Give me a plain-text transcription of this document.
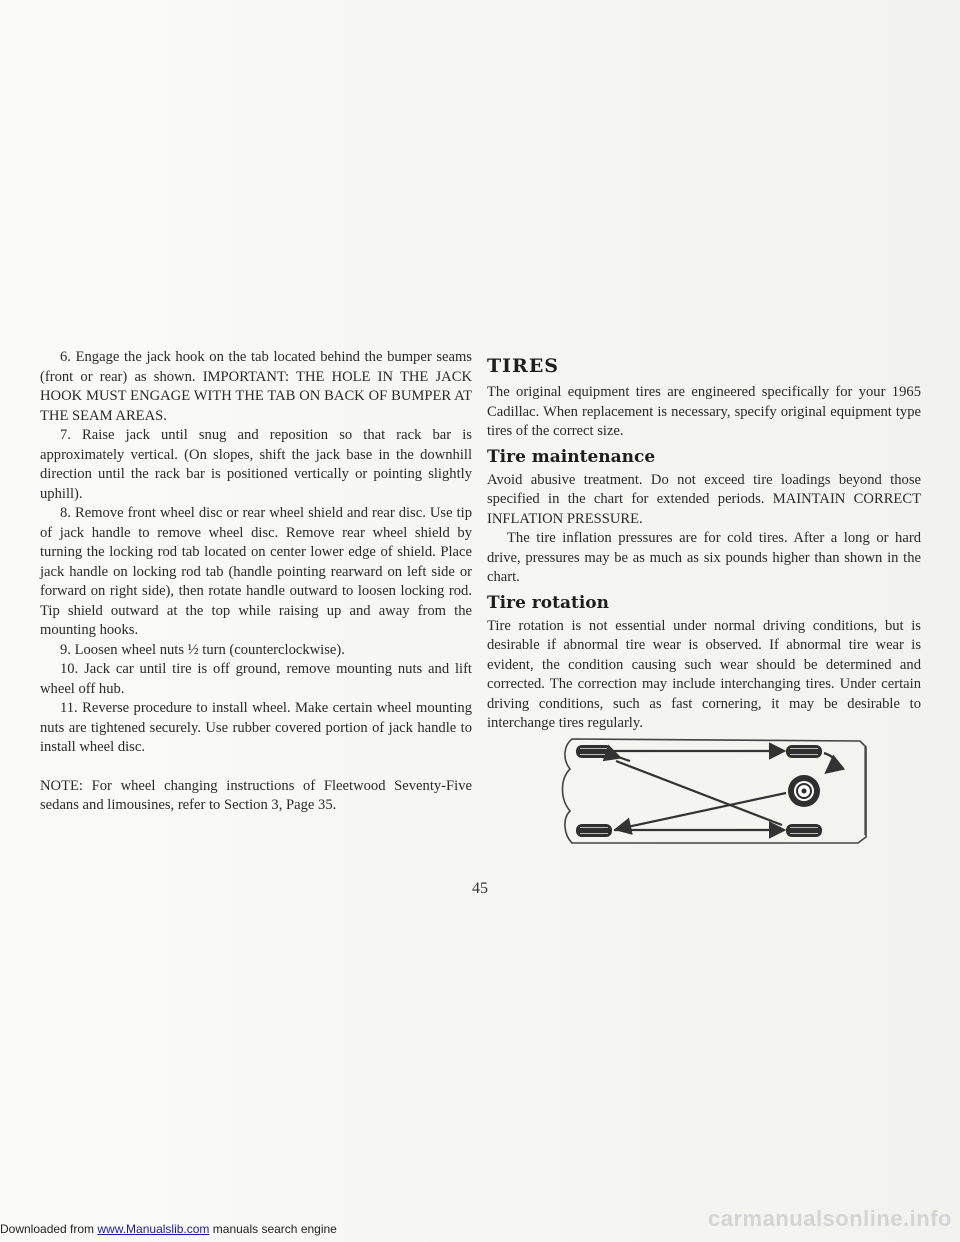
6. Engage the jack hook on the tab located behind the bumper seams (front or rear) as shown. IMPORTANT: THE HOLE IN THE JACK HOOK MUST ENGAGE WITH THE TAB ON BACK OF BUMPER AT THE SEAM AREAS.

7. Raise jack until snug and reposition so that rack bar is approximately vertical. (On slopes, shift the jack base in the downhill direction until the rack bar is positioned vertically or pointing slightly uphill).

8. Remove front wheel disc or rear wheel shield and rear disc. Use tip of jack handle to remove wheel disc. Remove rear wheel shield by turning the locking rod tab located on center lower edge of shield. Place jack handle on locking rod tab (handle pointing rearward on left side or forward on right side), then rotate handle outward to loosen locking rod. Tip shield outward at the top while raising up and away from the mounting hooks.

9. Loosen wheel nuts ½ turn (counterclockwise).

10. Jack car until tire is off ground, remove mounting nuts and lift wheel off hub.

11. Reverse procedure to install wheel. Make certain wheel mounting nuts are tightened securely. Use rubber covered portion of jack handle to install wheel disc.

NOTE: For wheel changing instructions of Fleetwood Seventy-Five sedans and limousines, refer to Section 3, Page 35.

TIRES

The original equipment tires are engineered specifically for your 1965 Cadillac. When replacement is necessary, specify original equipment type tires of the correct size.

Tire maintenance

Avoid abusive treatment. Do not exceed tire loadings beyond those specified in the chart for extended periods. MAINTAIN CORRECT INFLATION PRESSURE.

The tire inflation pressures are for cold tires. After a long or hard drive, pressures may be as much as six pounds higher than shown in the chart.

Tire rotation

Tire rotation is not essential under normal driving conditions, but is desirable if abnormal tire wear is observed. If abnormal tire wear is evident, the condition causing such wear should be determined and corrected. The correction may include interchanging tires. Under certain driving conditions, such as fast cornering, it may be desirable to interchange tires regularly.

45
Downloaded from www.Manualslib.com manuals search engine	carmanualsonline.info
